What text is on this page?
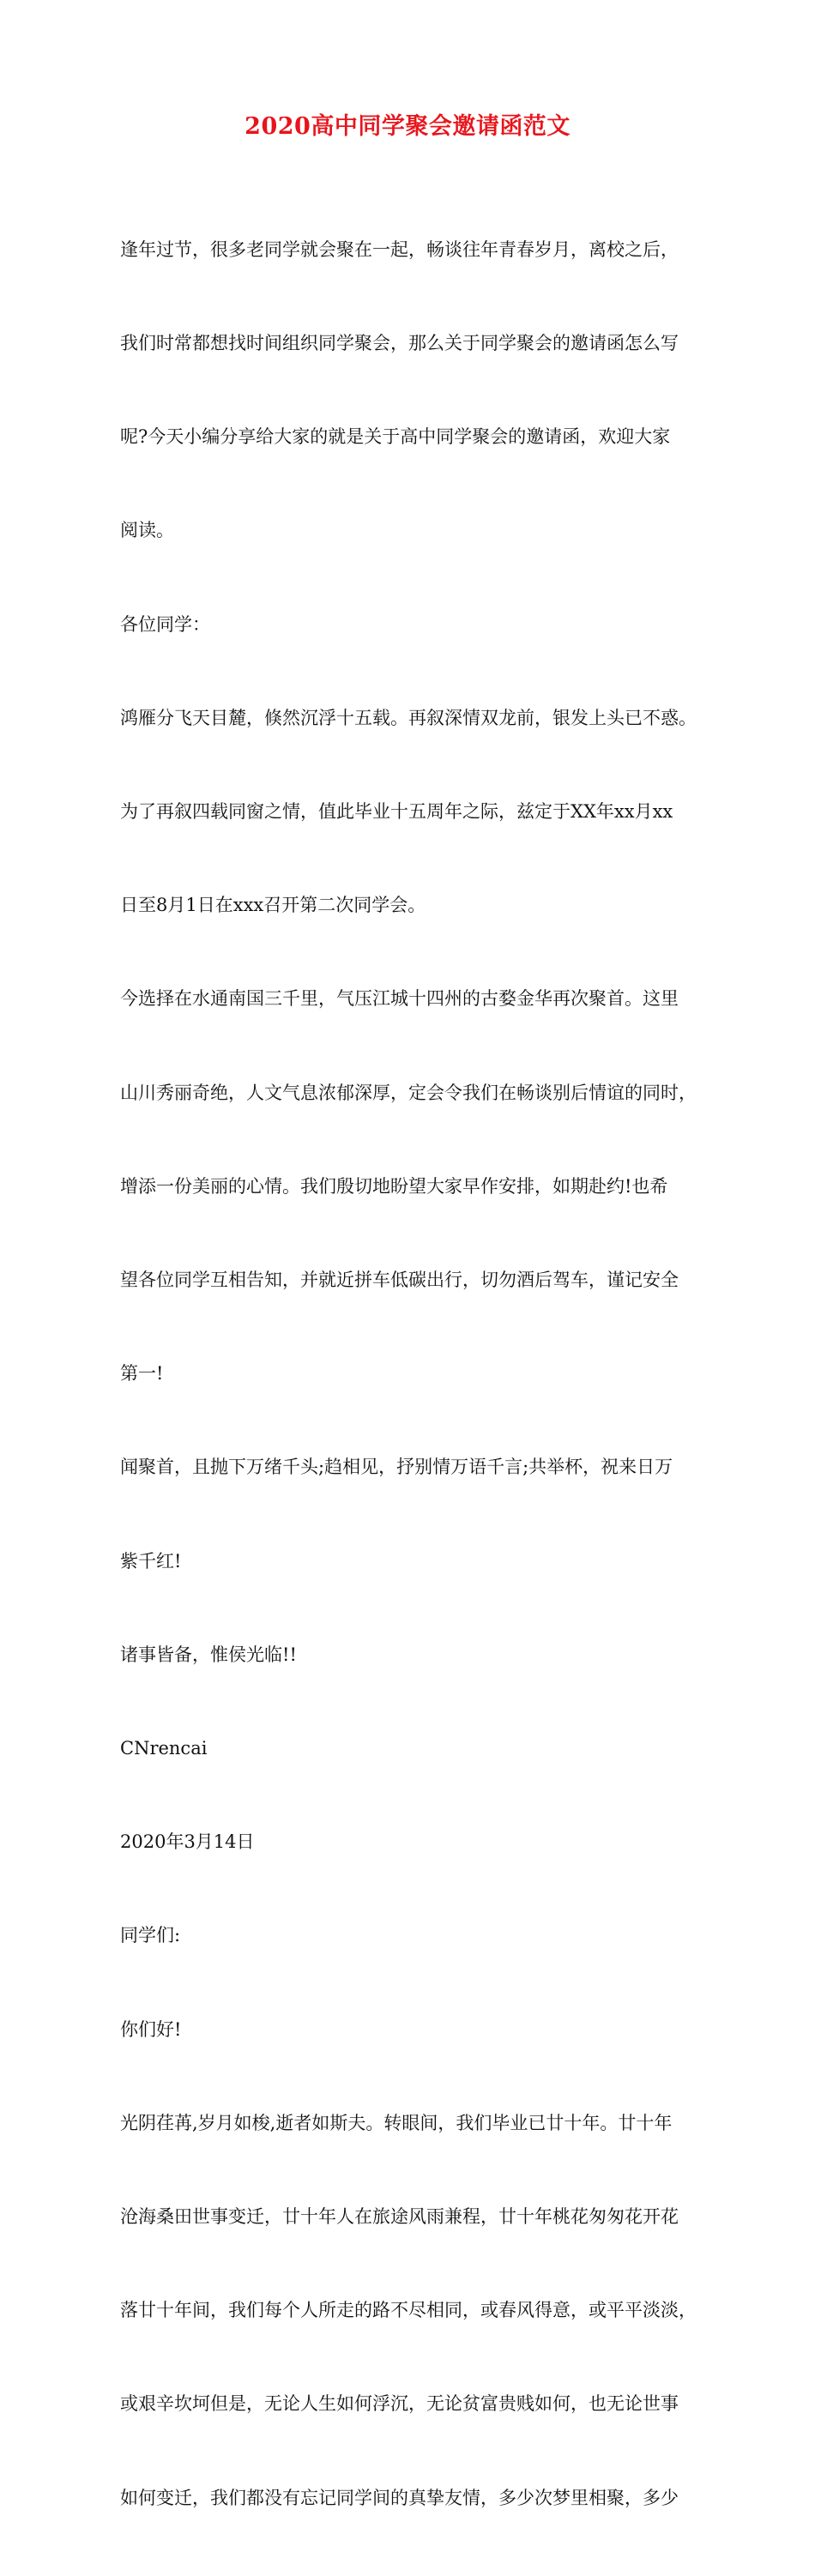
2020高中同学聚会邀请函范文

逢年过节，很多老同学就会聚在一起，畅谈往年青春岁月，离校之后，

我们时常都想找时间组织同学聚会，那么关于同学聚会的邀请函怎么写

呢?今天小编分享给大家的就是关于高中同学聚会的邀请函，欢迎大家

阅读。

各位同学：

鸿雁分飞天目麓，倏然沉浮十五载。再叙深情双龙前，银发上头已不惑。

为了再叙四载同窗之情，值此毕业十五周年之际，兹定于XX年xx月xx

日至8月1日在xxx召开第二次同学会。

今选择在水通南国三千里，气压江城十四州的古婺金华再次聚首。这里

山川秀丽奇绝，人文气息浓郁深厚，定会令我们在畅谈别后情谊的同时，

增添一份美丽的心情。我们殷切地盼望大家早作安排，如期赴约!也希

望各位同学互相告知，并就近拼车低碳出行，切勿酒后驾车，谨记安全

第一!

闻聚首，且抛下万绪千头;趋相见，抒别情万语千言;共举杯，祝来日万

紫千红!

诸事皆备，惟侯光临!!

CNrencai

2020年3月14日

同学们:

你们好!

光阴荏苒,岁月如梭,逝者如斯夫。转眼间，我们毕业已廿十年。廿十年

沧海桑田世事变迁，廿十年人在旅途风雨兼程，廿十年桃花匆匆花开花

落廿十年间，我们每个人所走的路不尽相同，或春风得意，或平平淡淡，

或艰辛坎坷但是，无论人生如何浮沉，无论贫富贵贱如何，也无论世事

如何变迁，我们都没有忘记同学间的真挚友情，多少次梦里相聚，多少
